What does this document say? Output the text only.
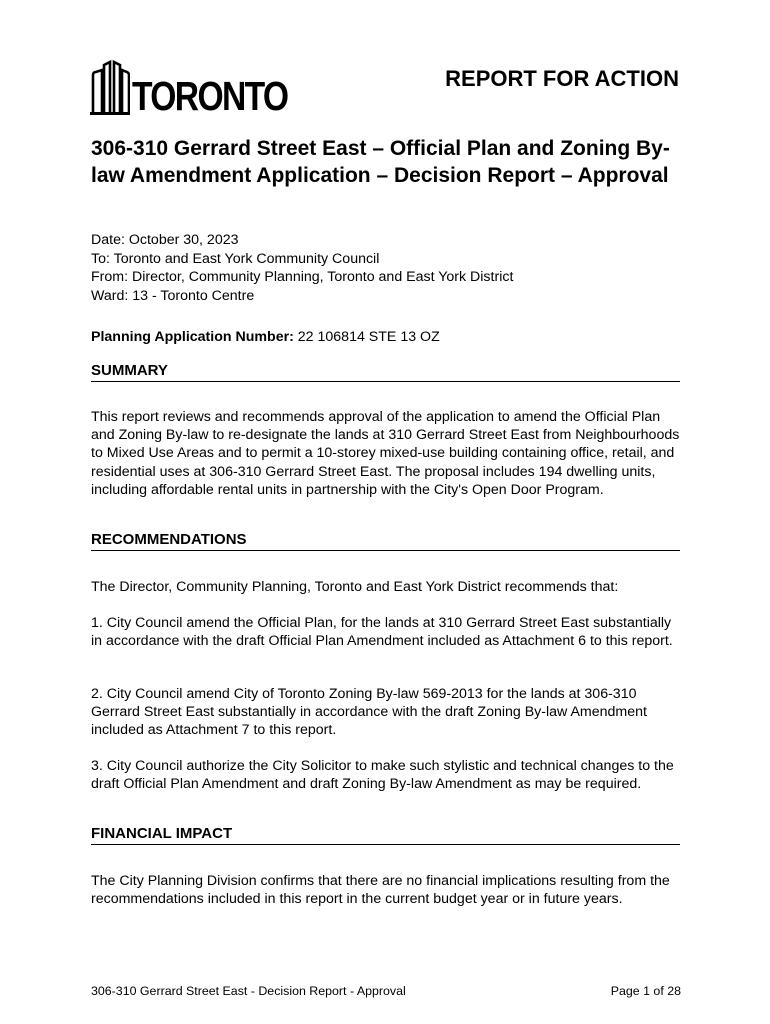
TORONTO	REPORT FOR ACTION
306-310 Gerrard Street East – Official Plan and Zoning By-law Amendment Application – Decision Report – Approval
Date: October 30, 2023
To: Toronto and East York Community Council
From: Director, Community Planning, Toronto and East York District
Ward: 13 - Toronto Centre
Planning Application Number: 22 106814 STE 13 OZ
SUMMARY

This report reviews and recommends approval of the application to amend the Official Plan and Zoning By-law to re-designate the lands at 310 Gerrard Street East from Neighbourhoods to Mixed Use Areas and to permit a 10-storey mixed-use building containing office, retail, and residential uses at 306-310 Gerrard Street East. The proposal includes 194 dwelling units, including affordable rental units in partnership with the City's Open Door Program.

RECOMMENDATIONS

The Director, Community Planning, Toronto and East York District recommends that:

1. City Council amend the Official Plan, for the lands at 310 Gerrard Street East substantially in accordance with the draft Official Plan Amendment included as Attachment 6 to this report.

2. City Council amend City of Toronto Zoning By-law 569-2013 for the lands at 306-310 Gerrard Street East substantially in accordance with the draft Zoning By-law Amendment included as Attachment 7 to this report.

3. City Council authorize the City Solicitor to make such stylistic and technical changes to the draft Official Plan Amendment and draft Zoning By-law Amendment as may be required.

FINANCIAL IMPACT

The City Planning Division confirms that there are no financial implications resulting from the recommendations included in this report in the current budget year or in future years.

306-310 Gerrard Street East - Decision Report - Approval	Page 1 of 28
